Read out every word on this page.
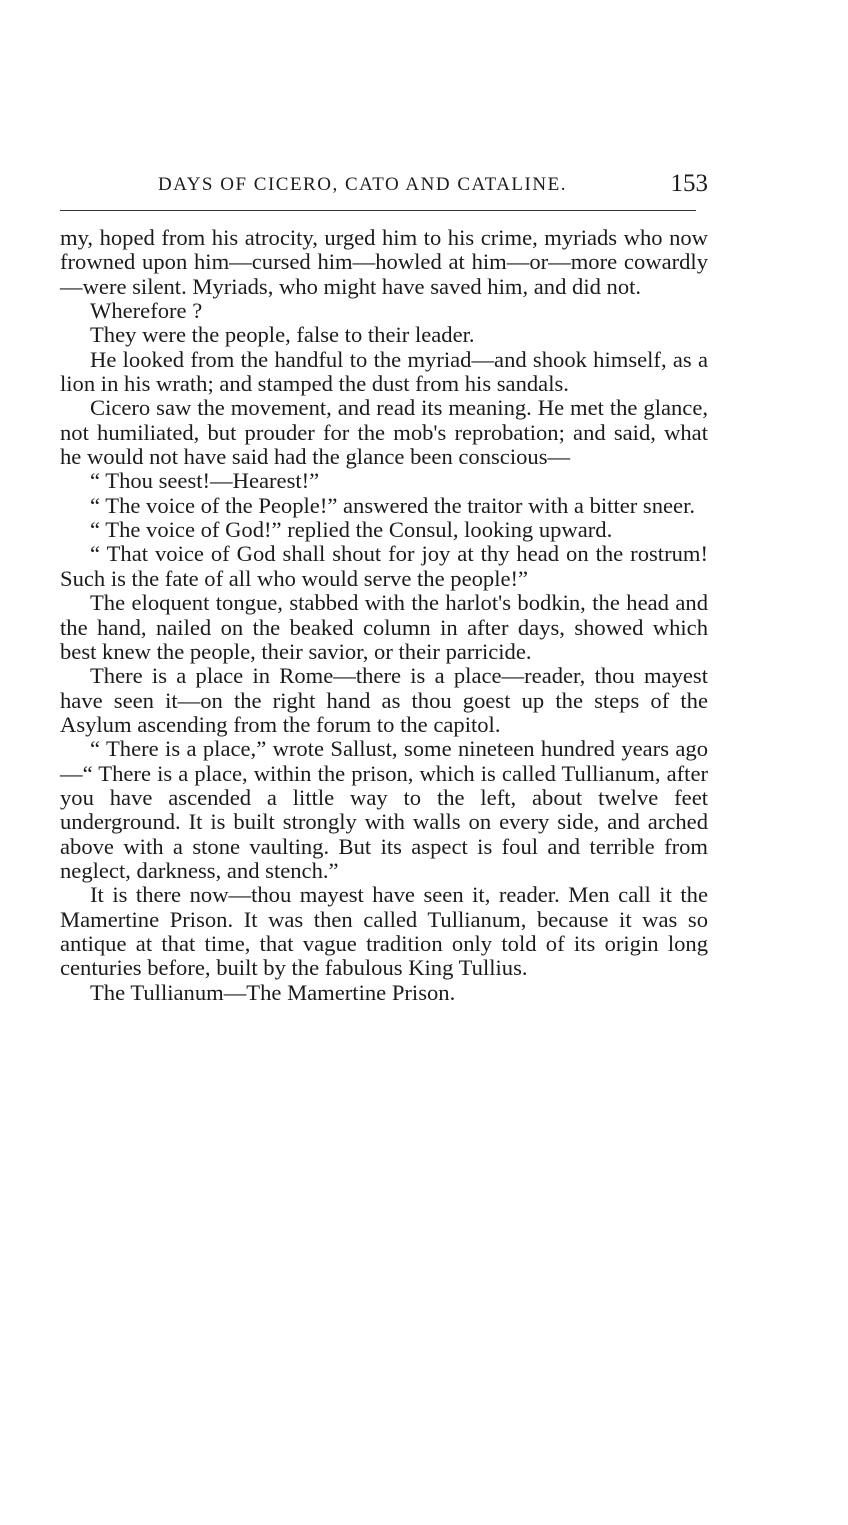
DAYS OF CICERO, CATO AND CATALINE.	153

my, hoped from his atrocity, urged him to his crime, myriads who now frowned upon him—cursed him—howled at him—or—more cowardly—were silent. Myriads, who might have saved him, and did not.

Wherefore ?

They were the people, false to their leader.

He looked from the handful to the myriad—and shook himself, as a lion in his wrath; and stamped the dust from his sandals.

Cicero saw the movement, and read its meaning. He met the glance, not humiliated, but prouder for the mob's reprobation; and said, what he would not have said had the glance been conscious—

“ Thou seest!—Hearest!”

“ The voice of the People!” answered the traitor with a bitter sneer.

“ The voice of God!” replied the Consul, looking upward.

“ That voice of God shall shout for joy at thy head on the rostrum! Such is the fate of all who would serve the people!”

The eloquent tongue, stabbed with the harlot's bodkin, the head and the hand, nailed on the beaked column in after days, showed which best knew the people, their savior, or their parricide.

There is a place in Rome—there is a place—reader, thou mayest have seen it—on the right hand as thou goest up the steps of the Asylum ascending from the forum to the capitol.

“ There is a place,” wrote Sallust, some nineteen hundred years ago—“ There is a place, within the prison, which is called Tullianum, after you have ascended a little way to the left, about twelve feet underground. It is built strongly with walls on every side, and arched above with a stone vaulting. But its aspect is foul and terrible from neglect, darkness, and stench.”

It is there now—thou mayest have seen it, reader. Men call it the Mamertine Prison. It was then called Tullianum, because it was so antique at that time, that vague tradition only told of its origin long centuries before, built by the fabulous King Tullius.

The Tullianum—The Mamertine Prison.
